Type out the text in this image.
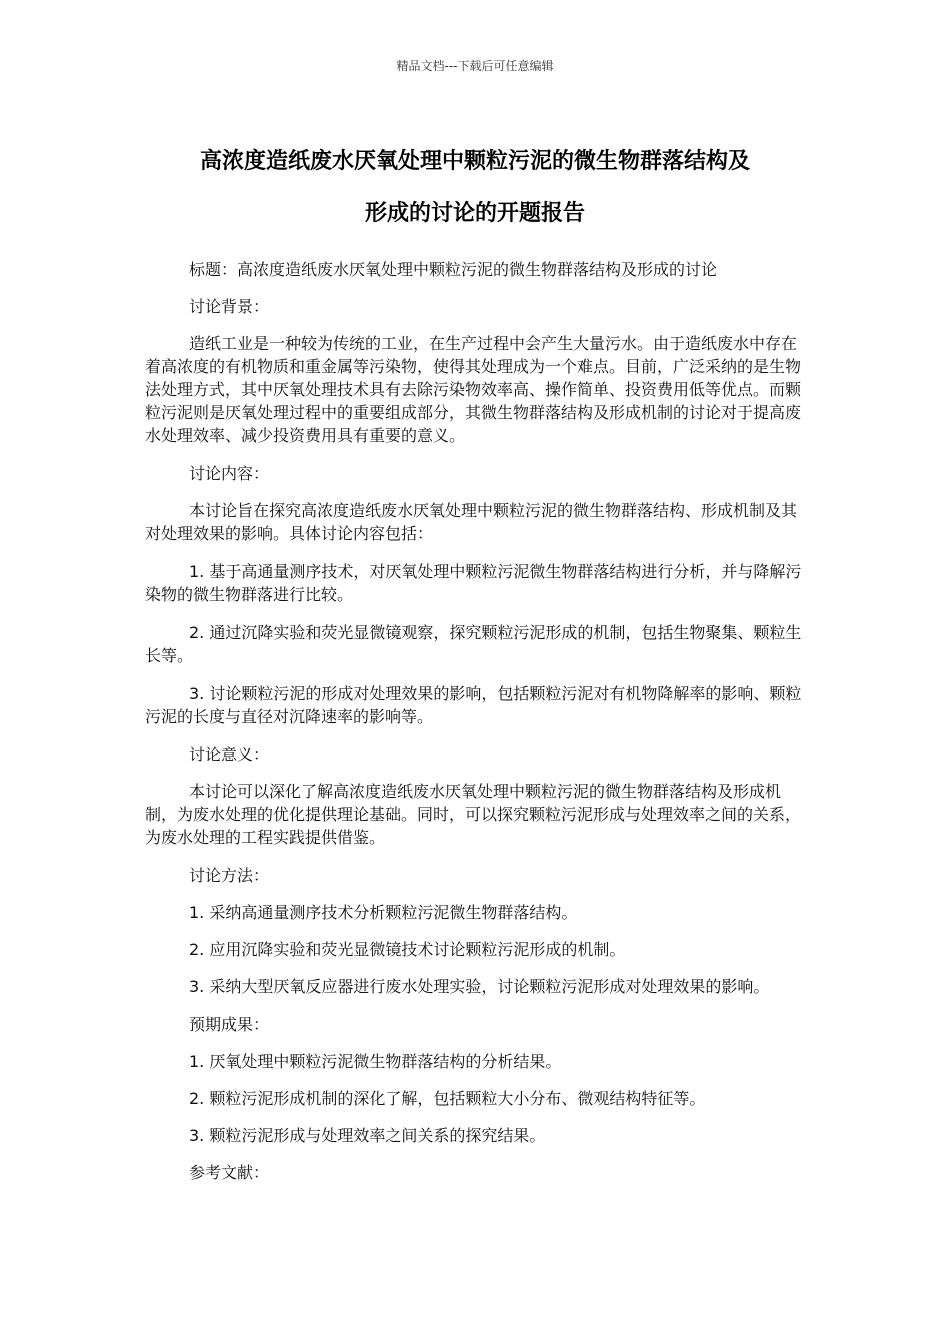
精品文档---下载后可任意编辑
高浓度造纸废水厌氧处理中颗粒污泥的微生物群落结构及
形成的讨论的开题报告

标题：高浓度造纸废水厌氧处理中颗粒污泥的微生物群落结构及形成的讨论

讨论背景：

造纸工业是一种较为传统的工业，在生产过程中会产生大量污水。由于造纸废水中存在着高浓度的有机物质和重金属等污染物，使得其处理成为一个难点。目前，广泛采纳的是生物法处理方式，其中厌氧处理技术具有去除污染物效率高、操作简单、投资费用低等优点。而颗粒污泥则是厌氧处理过程中的重要组成部分，其微生物群落结构及形成机制的讨论对于提高废水处理效率、减少投资费用具有重要的意义。

讨论内容：

本讨论旨在探究高浓度造纸废水厌氧处理中颗粒污泥的微生物群落结构、形成机制及其对处理效果的影响。具体讨论内容包括：

1. 基于高通量测序技术，对厌氧处理中颗粒污泥微生物群落结构进行分析，并与降解污染物的微生物群落进行比较。

2. 通过沉降实验和荧光显微镜观察，探究颗粒污泥形成的机制，包括生物聚集、颗粒生长等。

3. 讨论颗粒污泥的形成对处理效果的影响，包括颗粒污泥对有机物降解率的影响、颗粒污泥的长度与直径对沉降速率的影响等。

讨论意义：

本讨论可以深化了解高浓度造纸废水厌氧处理中颗粒污泥的微生物群落结构及形成机制，为废水处理的优化提供理论基础。同时，可以探究颗粒污泥形成与处理效率之间的关系，为废水处理的工程实践提供借鉴。

讨论方法：

1. 采纳高通量测序技术分析颗粒污泥微生物群落结构。

2. 应用沉降实验和荧光显微镜技术讨论颗粒污泥形成的机制。

3. 采纳大型厌氧反应器进行废水处理实验，讨论颗粒污泥形成对处理效果的影响。

预期成果：

1. 厌氧处理中颗粒污泥微生物群落结构的分析结果。

2. 颗粒污泥形成机制的深化了解，包括颗粒大小分布、微观结构特征等。

3. 颗粒污泥形成与处理效率之间关系的探究结果。

参考文献：
